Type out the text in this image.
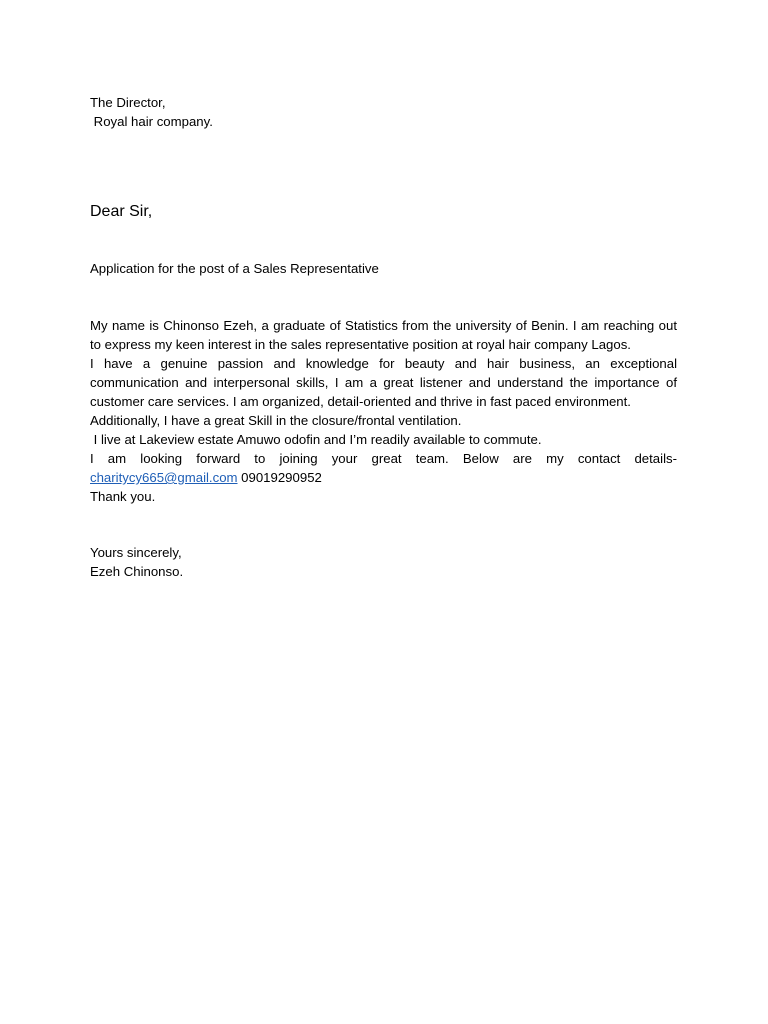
The Director,
Royal hair company.
Dear Sir,
Application for the post of a Sales Representative
My name is Chinonso Ezeh, a graduate of Statistics from the university of Benin. I am reaching out to express my keen interest in the sales representative position at royal hair company Lagos.
I have a genuine passion and knowledge for beauty and hair business, an exceptional communication and interpersonal skills, I am a great listener and understand the importance of customer care services. I am organized, detail-oriented and thrive in fast paced environment.
Additionally, I have a great Skill in the closure/frontal ventilation.
I live at Lakeview estate Amuwo odofin and I’m readily available to commute.
I am looking forward to joining your great team. Below are my contact details-
charitycy665@gmail.com 09019290952
Thank you.
Yours sincerely,
Ezeh Chinonso.
